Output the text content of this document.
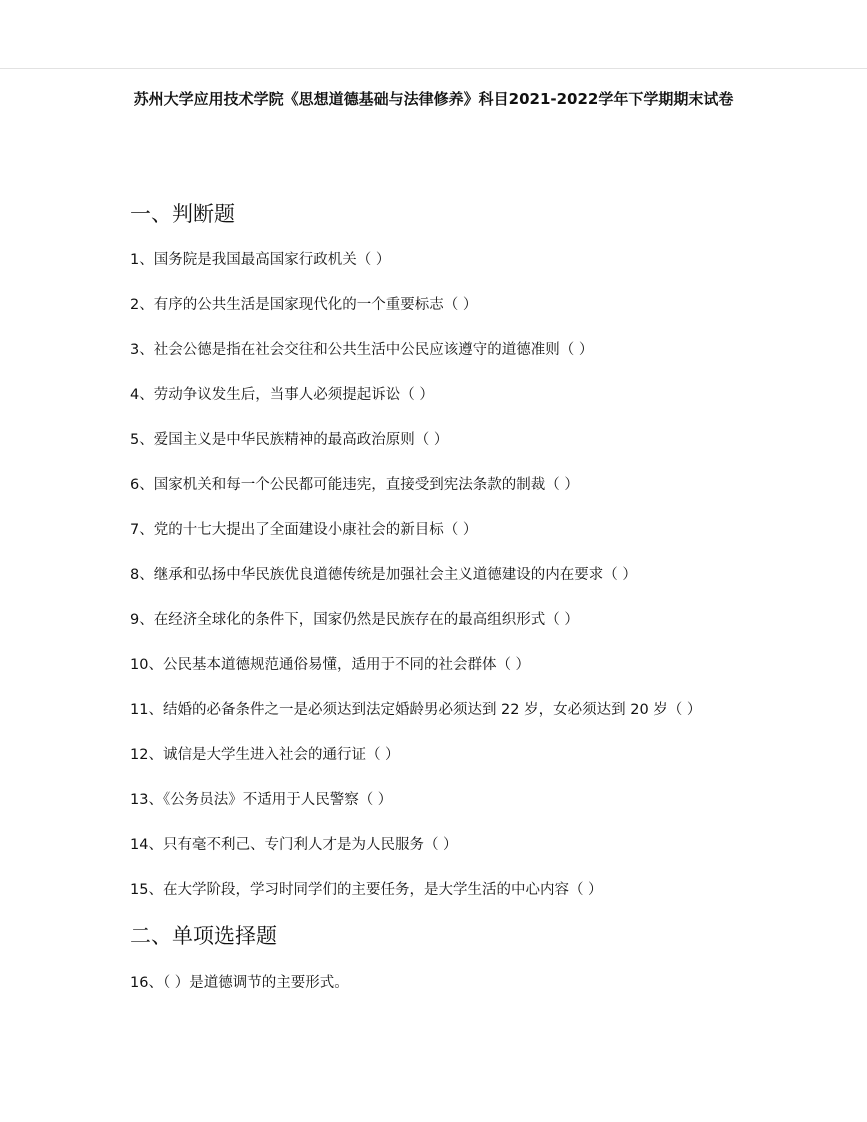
苏州大学应用技术学院《思想道德基础与法律修养》科目2021-2022学年下学期期末试卷
一、判断题
1、国务院是我国最高国家行政机关（ ）
2、有序的公共生活是国家现代化的一个重要标志（ ）
3、社会公德是指在社会交往和公共生活中公民应该遵守的道德准则（ ）
4、劳动争议发生后，当事人必须提起诉讼（ ）
5、爱国主义是中华民族精神的最高政治原则（ ）
6、国家机关和每一个公民都可能违宪，直接受到宪法条款的制裁（ ）
7、党的十七大提出了全面建设小康社会的新目标（ ）
8、继承和弘扬中华民族优良道德传统是加强社会主义道德建设的内在要求（ ）
9、在经济全球化的条件下，国家仍然是民族存在的最高组织形式（ ）
10、公民基本道德规范通俗易懂，适用于不同的社会群体（ ）
11、结婚的必备条件之一是必须达到法定婚龄男必须达到 22 岁，女必须达到 20 岁（ ）
12、诚信是大学生进入社会的通行证（ ）
13、《公务员法》不适用于人民警察（ ）
14、只有毫不利己、专门利人才是为人民服务（ ）
15、在大学阶段，学习时同学们的主要任务，是大学生活的中心内容（ ）
二、单项选择题
16、（ ）是道德调节的主要形式。
